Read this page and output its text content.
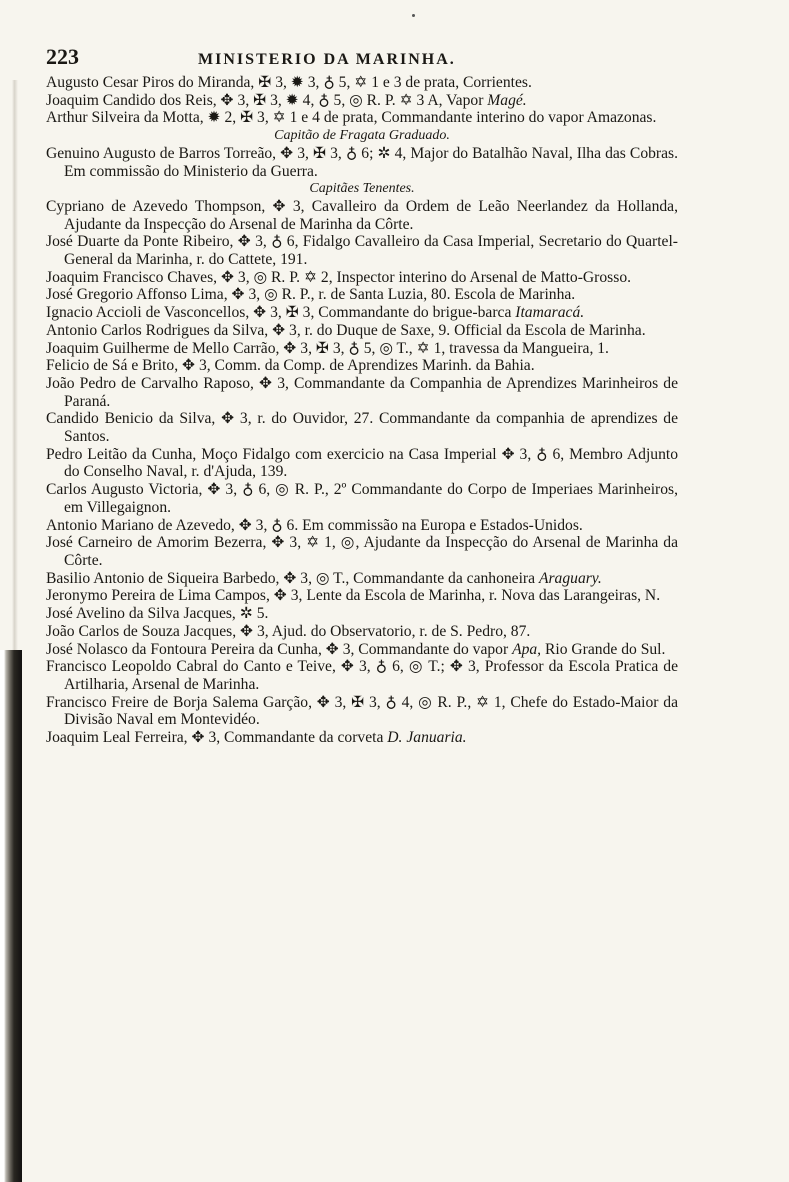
223	MINISTERIO DA MARINHA.

Augusto Cesar Piros do Miranda, ✠ 3, ✹ 3, ♁ 5, ✡ 1 e 3 de prata, Corrientes.

Joaquim Candido dos Reis, ✥ 3, ✠ 3, ✹ 4, ♁ 5, ◎ R. P. ✡ 3 A, Vapor Magé.

Arthur Silveira da Motta, ✹ 2, ✠ 3, ✡ 1 e 4 de prata, Commandante interino do vapor Amazonas.

Capitão de Fragata Graduado.

Genuino Augusto de Barros Torreão, ✥ 3, ✠ 3, ♁ 6; ✲ 4, Major do Batalhão Naval, Ilha das Cobras. Em commissão do Ministerio da Guerra.

Capitães Tenentes.

Cypriano de Azevedo Thompson, ✥ 3, Cavalleiro da Ordem de Leão Neerlandez da Hollanda, Ajudante da Inspecção do Arsenal de Marinha da Côrte.

José Duarte da Ponte Ribeiro, ✥ 3, ♁ 6, Fidalgo Cavalleiro da Casa Imperial, Secretario do Quartel-General da Marinha, r. do Cattete, 191.

Joaquim Francisco Chaves, ✥ 3, ◎ R. P. ✡ 2, Inspector interino do Arsenal de Matto-Grosso.

José Gregorio Affonso Lima, ✥ 3, ◎ R. P., r. de Santa Luzia, 80. Escola de Marinha.

Ignacio Accioli de Vasconcellos, ✥ 3, ✠ 3, Commandante do brigue-barca Itamaracá.

Antonio Carlos Rodrigues da Silva, ✥ 3, r. do Duque de Saxe, 9. Official da Escola de Marinha.

Joaquim Guilherme de Mello Carrão, ✥ 3, ✠ 3, ♁ 5, ◎ T., ✡ 1, travessa da Mangueira, 1.

Felicio de Sá e Brito, ✥ 3, Comm. da Comp. de Aprendizes Marinh. da Bahia.

João Pedro de Carvalho Raposo, ✥ 3, Commandante da Companhia de Aprendizes Marinheiros de Paraná.

Candido Benicio da Silva, ✥ 3, r. do Ouvidor, 27. Commandante da companhia de aprendizes de Santos.

Pedro Leitão da Cunha, Moço Fidalgo com exercicio na Casa Imperial ✥ 3, ♁ 6, Membro Adjunto do Conselho Naval, r. d'Ajuda, 139.

Carlos Augusto Victoria, ✥ 3, ♁ 6, ◎ R. P., 2º Commandante do Corpo de Imperiaes Marinheiros, em Villegaignon.

Antonio Mariano de Azevedo, ✥ 3, ♁ 6. Em commissão na Europa e Estados-Unidos.

José Carneiro de Amorim Bezerra, ✥ 3, ✡ 1, ◎, Ajudante da Inspecção do Arsenal de Marinha da Côrte.

Basilio Antonio de Siqueira Barbedo, ✥ 3, ◎ T., Commandante da canhoneira Araguary.

Jeronymo Pereira de Lima Campos, ✥ 3, Lente da Escola de Marinha, r. Nova das Larangeiras, N.

José Avelino da Silva Jacques, ✲ 5.

João Carlos de Souza Jacques, ✥ 3, Ajud. do Observatorio, r. de S. Pedro, 87.

José Nolasco da Fontoura Pereira da Cunha, ✥ 3, Commandante do vapor Apa, Rio Grande do Sul.

Francisco Leopoldo Cabral do Canto e Teive, ✥ 3, ♁ 6, ◎ T.; ✥ 3, Professor da Escola Pratica de Artilharia, Arsenal de Marinha.

Francisco Freire de Borja Salema Garção, ✥ 3, ✠ 3, ♁ 4, ◎ R. P., ✡ 1, Chefe do Estado-Maior da Divisão Naval em Montevidéo.

Joaquim Leal Ferreira, ✥ 3, Commandante da corveta D. Januaria.
